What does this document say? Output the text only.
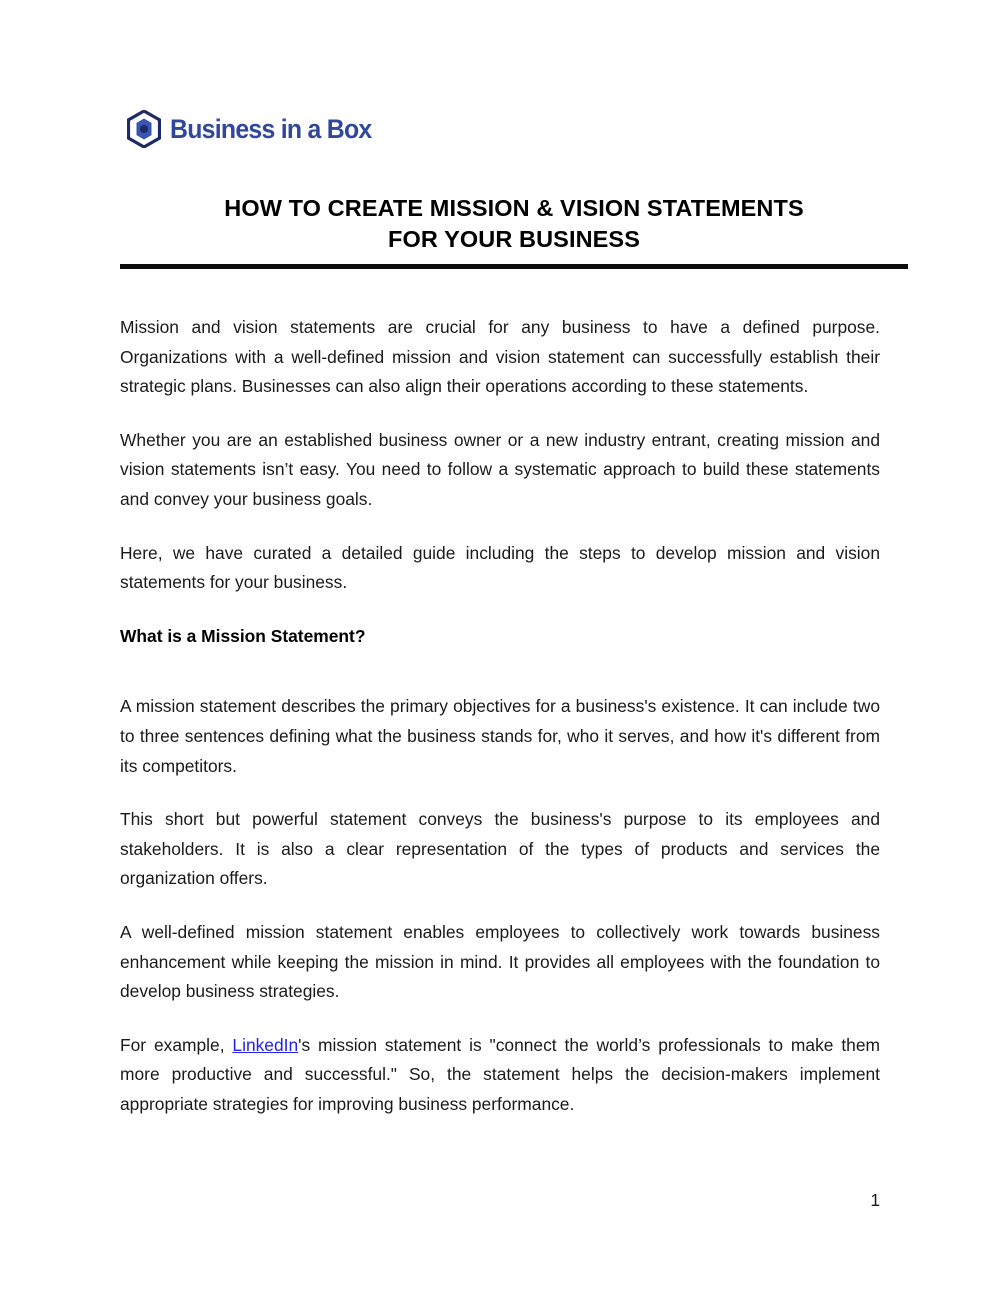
Business in a Box
HOW TO CREATE MISSION & VISION STATEMENTS
FOR YOUR BUSINESS

Mission and vision statements are crucial for any business to have a defined purpose. Organizations with a well-defined mission and vision statement can successfully establish their strategic plans. Businesses can also align their operations according to these statements.

Whether you are an established business owner or a new industry entrant, creating mission and vision statements isn’t easy. You need to follow a systematic approach to build these statements and convey your business goals.

Here, we have curated a detailed guide including the steps to develop mission and vision statements for your business.

What is a Mission Statement?

A mission statement describes the primary objectives for a business's existence. It can include two to three sentences defining what the business stands for, who it serves, and how it's different from its competitors.

This short but powerful statement conveys the business's purpose to its employees and stakeholders. It is also a clear representation of the types of products and services the organization offers.

A well-defined mission statement enables employees to collectively work towards business enhancement while keeping the mission in mind. It provides all employees with the foundation to develop business strategies.

For example, LinkedIn's mission statement is "connect the world’s professionals to make them more productive and successful." So, the statement helps the decision-makers implement appropriate strategies for improving business performance.

1
